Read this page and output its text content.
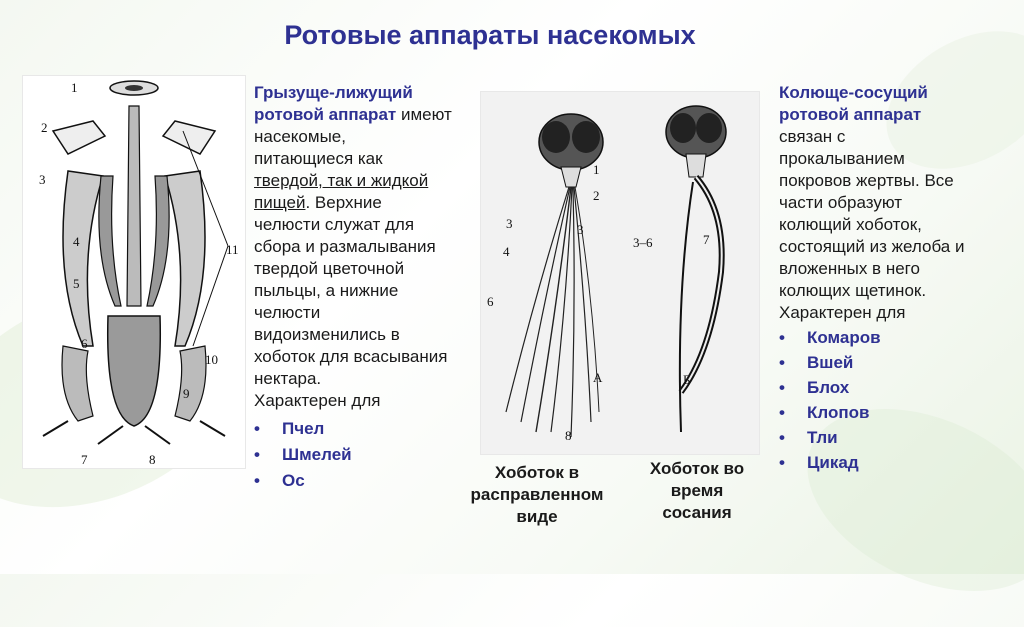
Ротовые аппараты насекомых
1
2
3
4
5
6
7	8
9
10
11
Грызуще-лижущий
ротовой аппарат имеют
насекомые,
питающиеся как
твердой, так и жидкой
пищей. Верхние
челюсти служат для
сбора и размалывания
твердой цветочной
пыльцы, а нижние
челюсти
видоизменились в
хоботок для всасывания
нектара.
Характерен для
• Пчел
• Шмелей
• Ос
1
2
3	3
4
6
8
А
3–6	7
Б
Хоботок в
расправленном
виде
Хоботок во
время
сосания
Колюще-сосущий
ротовой аппарат
связан с
прокалыванием
покровов жертвы. Все
части образуют
колющий хоботок,
состоящий из желоба и
вложенных в него
колющих щетинок.
Характерен для
• Комаров
• Вшей
• Блох
• Клопов
• Тли
• Цикад
